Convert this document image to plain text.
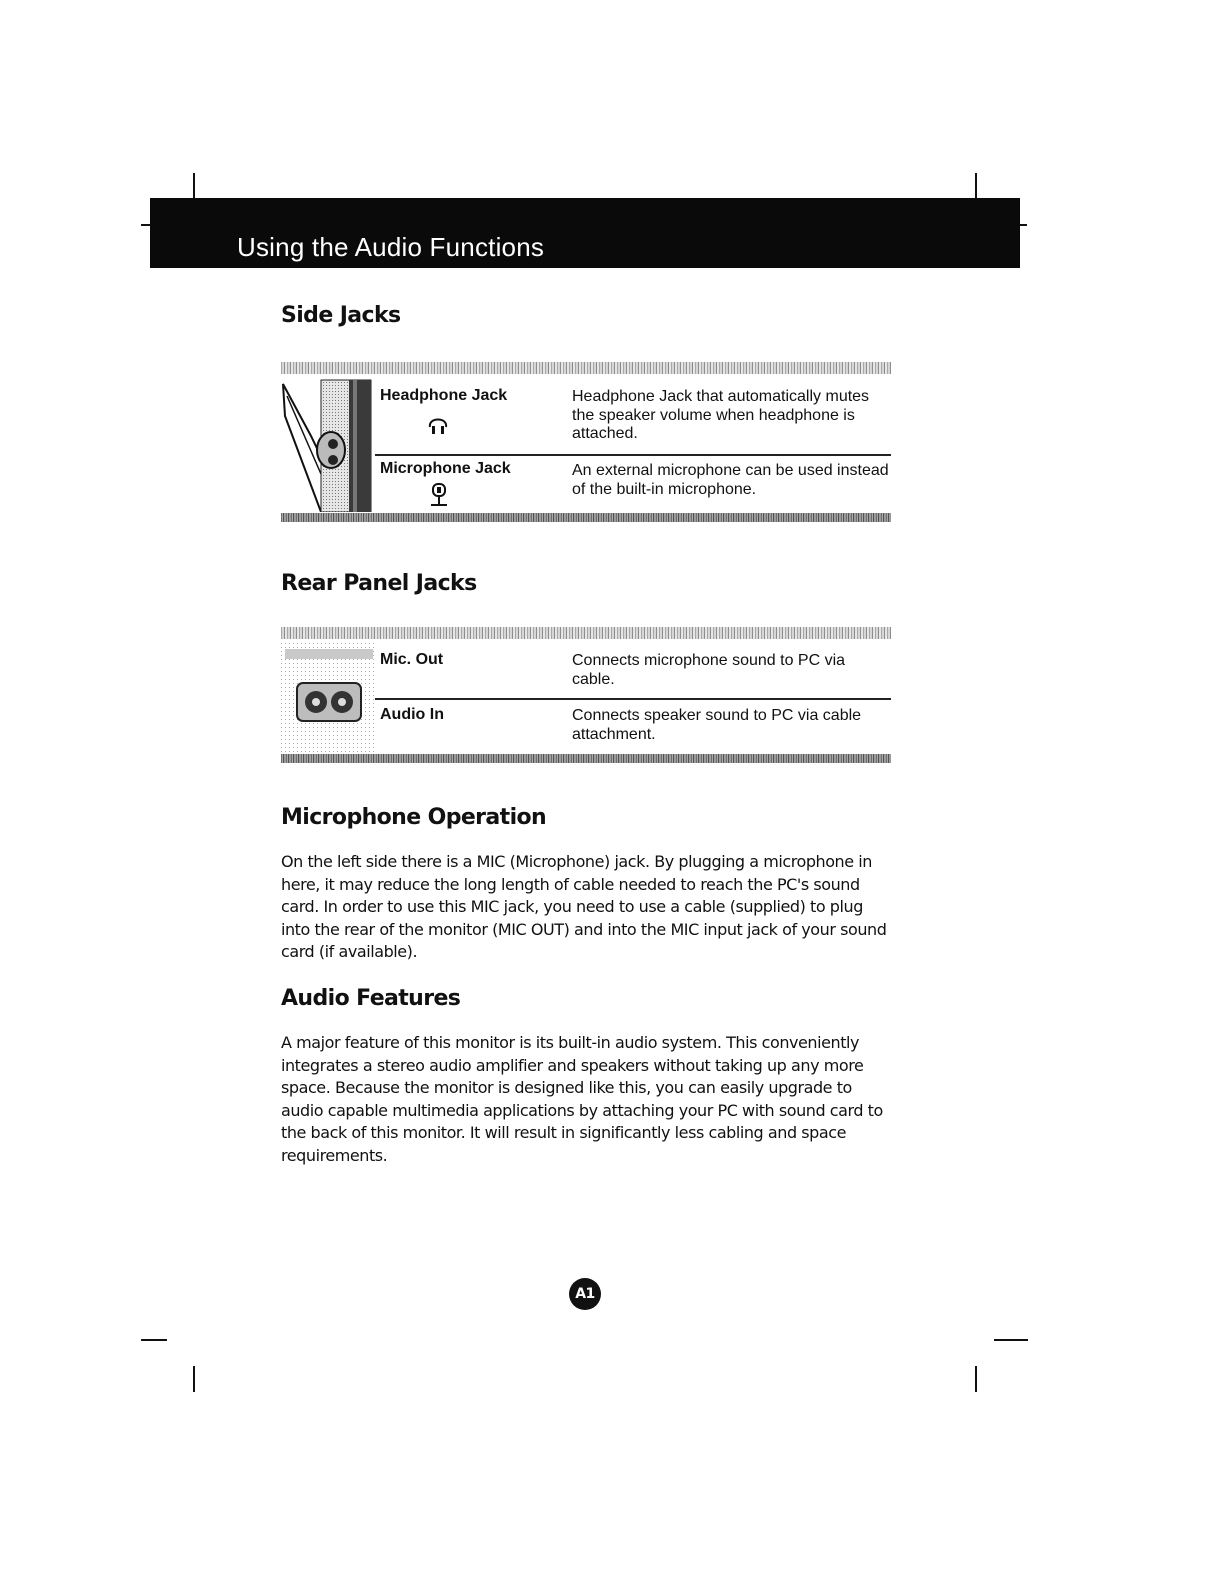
Using the Audio Functions
Side Jacks
Headphone Jack	Headphone Jack that automatically mutes the speaker volume when headphone is attached.
Microphone Jack	An external microphone can be used instead of the built-in microphone.
Rear Panel Jacks
Mic. Out	Connects microphone sound to PC via cable.
Audio In	Connects speaker sound to PC via cable attachment.
Microphone Operation

On the left side there is a MIC (Microphone) jack. By plugging a microphone in here, it may reduce the long length of cable needed to reach the PC's sound card. In order to use this MIC jack, you need to use a cable (supplied) to plug into the rear of the monitor (MIC OUT) and into the MIC input jack of your sound card (if available).

Audio Features

A major feature of this monitor is its built-in audio system. This conveniently integrates a stereo audio amplifier and speakers without taking up any more space. Because the monitor is designed like this, you can easily upgrade to audio capable multimedia applications by attaching your PC with sound card to the back of this monitor. It will result in significantly less cabling and space requirements.

A1
